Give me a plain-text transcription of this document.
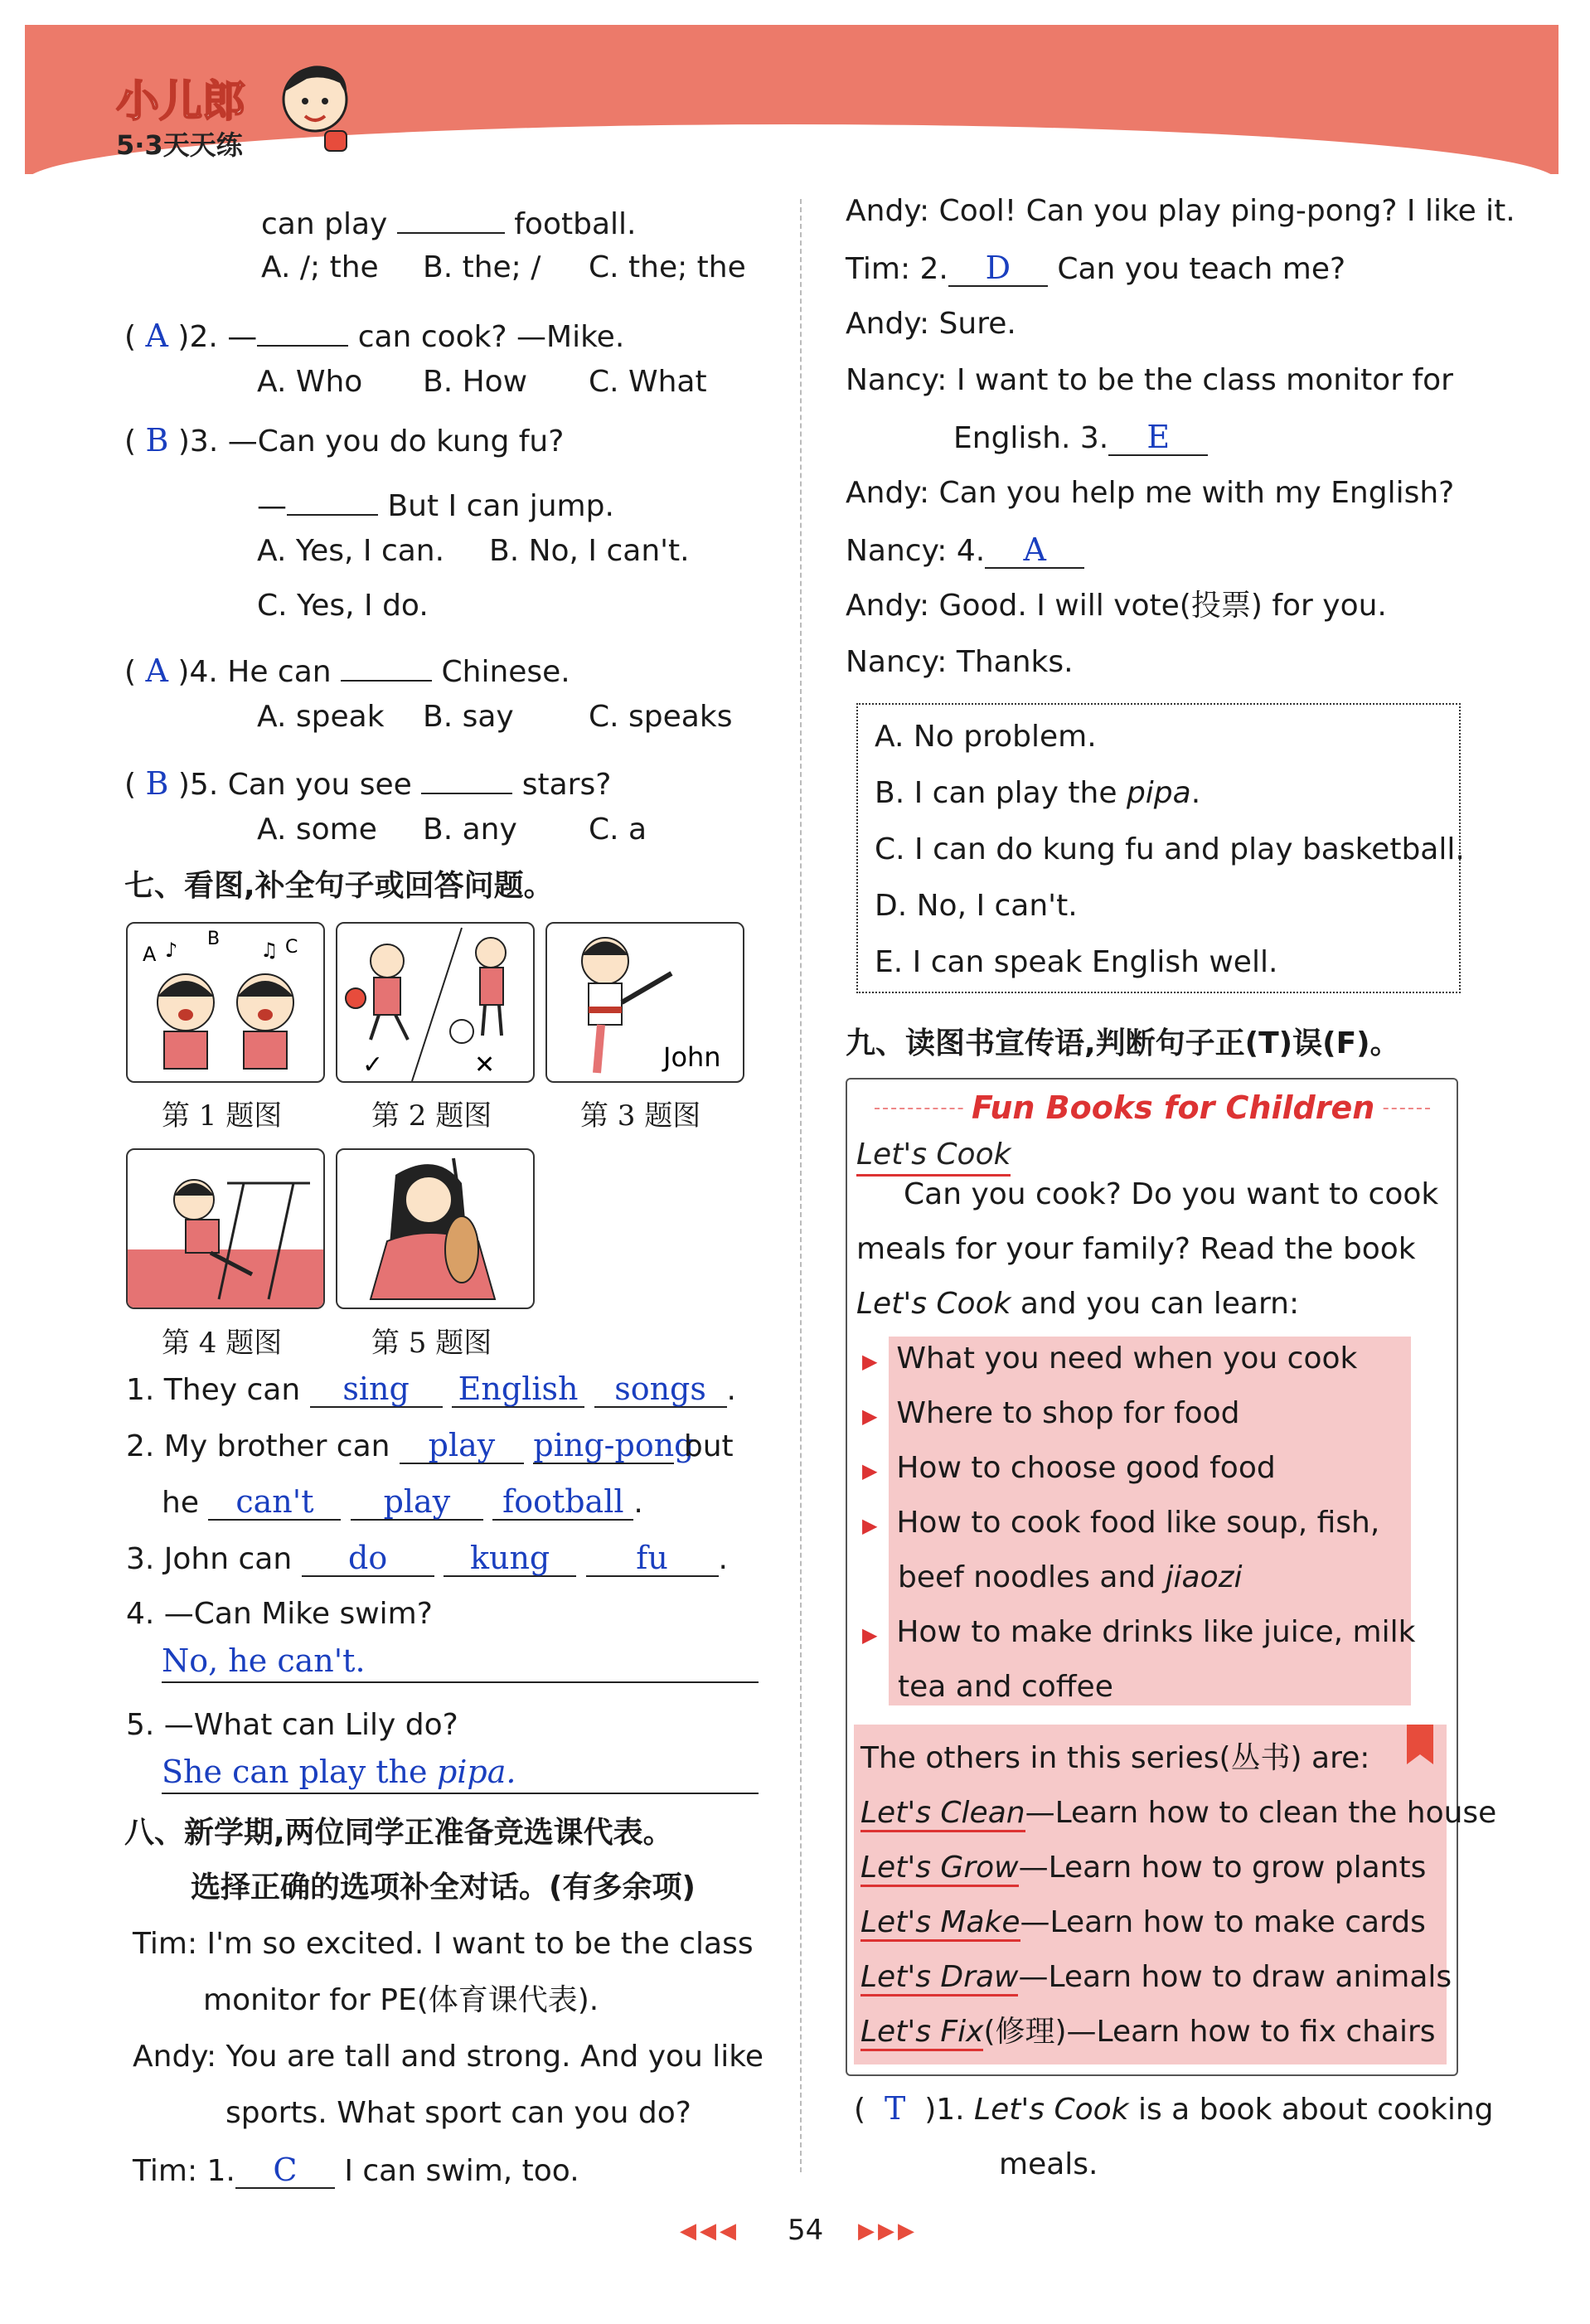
小儿郎
5·3天天练
can play	football.
A. /; the B. the; / C. the; the
( A )2. —	can cook? —Mike.
A. Who B. How C. What
( B )3. —Can you do kung fu?
—	But I can jump.
A. Yes, I can. B. No, I can't.
C. Yes, I do.
( A )4. He can	Chinese.
A. speak B. say	C. speaks
( B )5. Can you see	stars?
A. some B. any C. a
七、看图,补全句子或回答问题。
A
B	C
♪	♫
✓	✕	John
第 1 题图	第 2 题图	第 3 题图
第 4 题图	第 5 题图
1. They can sing English songs .
2. My brother can play ping-pong but
he can't play football .
3. John can do	kung	fu .
4. —Can Mike swim?
No, he can't.
5. —What can Lily do?
She can play the pipa.
八、新学期,两位同学正准备竞选课代表。
选择正确的选项补全对话。(有多余项)
Tim: I'm so excited. I want to be the class
monitor for PE(体育课代表).
Andy: You are tall and strong. And you like
sports. What sport can you do?
Tim: 1. C I can swim, too.
Andy: Cool! Can you play ping-pong? I like it.
Tim: 2. D Can you teach me?
Andy: Sure.
Nancy: I want to be the class monitor for
English. 3. E
Andy: Can you help me with my English?
Nancy: 4. A
Andy: Good. I will vote(投票) for you.
Nancy: Thanks.
A. No problem.
B. I can play the pipa.
C. I can do kung fu and play basketball.
D. No, I can't.
E. I can speak English well.
九、读图书宣传语,判断句子正(T)误(F)。
Fun Books for Children
Let's Cook
Can you cook? Do you want to cook
meals for your family? Read the book
Let's Cook and you can learn:
▶ What you need when you cook
▶ Where to shop for food
▶ How to choose good food
▶ How to cook food like soup, fish,
beef noodles and jiaozi
▶ How to make drinks like juice, milk
tea and coffee
The others in this series(丛书) are:
Let's Clean—Learn how to clean the house
Let's Grow—Learn how to grow plants
Let's Make—Learn how to make cards
Let's Draw—Learn how to draw animals
Let's Fix(修理)—Learn how to fix chairs
(  T )1. Let's Cook is a book about cooking
meals.
◀◀◀ 54 ▶▶▶
